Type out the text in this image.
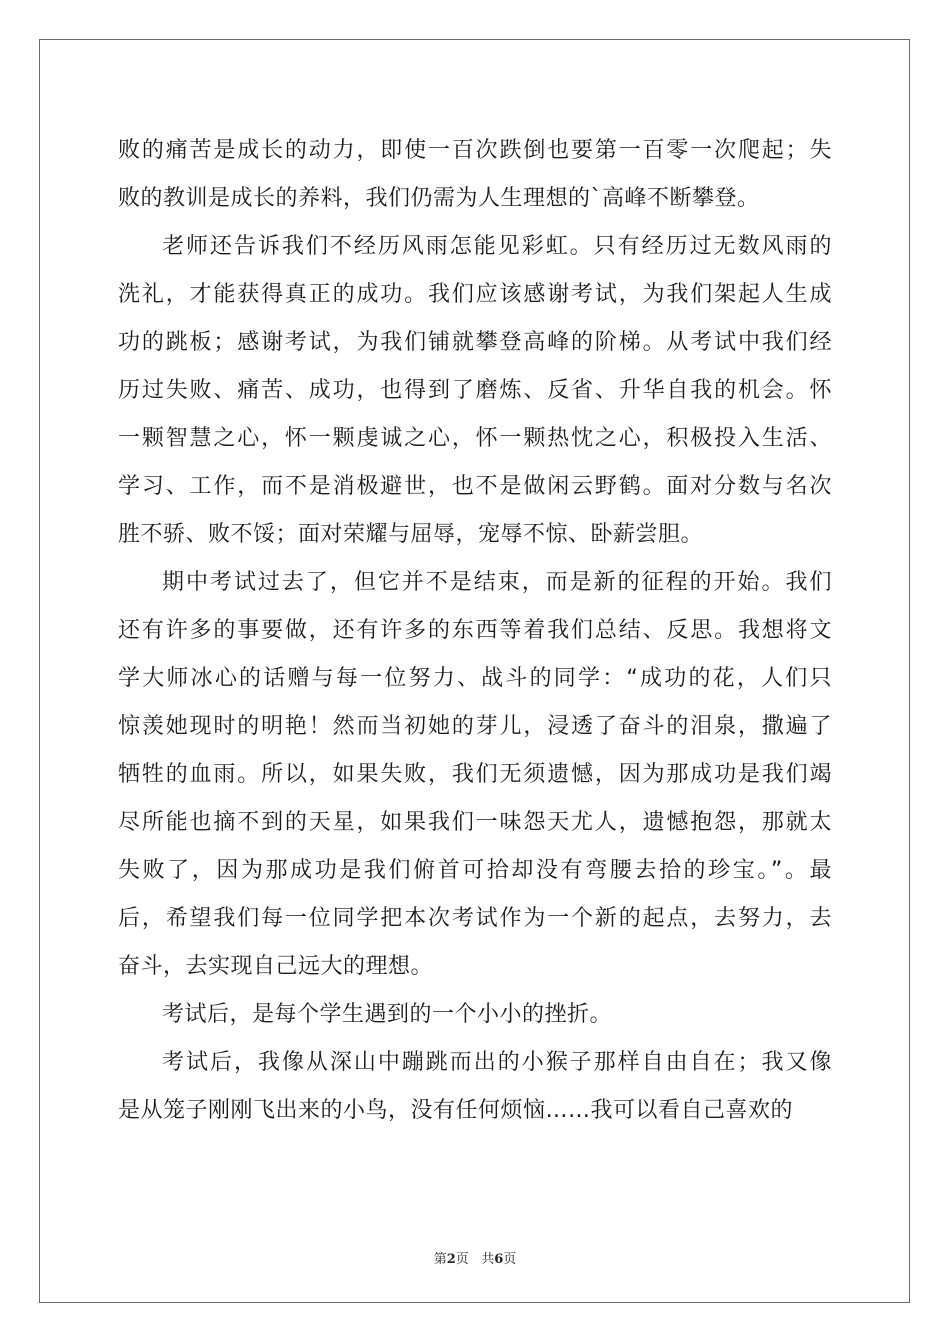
败的痛苦是成长的动力，即使一百次跌倒也要第一百零一次爬起；失
败的教训是成长的养料，我们仍需为人生理想的`高峰不断攀登。
老师还告诉我们不经历风雨怎能见彩虹。只有经历过无数风雨的
洗礼，才能获得真正的成功。我们应该感谢考试，为我们架起人生成
功的跳板；感谢考试，为我们铺就攀登高峰的阶梯。从考试中我们经
历过失败、痛苦、成功，也得到了磨炼、反省、升华自我的机会。怀
一颗智慧之心，怀一颗虔诚之心，怀一颗热忱之心，积极投入生活、
学习、工作，而不是消极避世，也不是做闲云野鹤。面对分数与名次
胜不骄、败不馁；面对荣耀与屈辱，宠辱不惊、卧薪尝胆。
期中考试过去了，但它并不是结束，而是新的征程的开始。我们
还有许多的事要做，还有许多的东西等着我们总结、反思。我想将文
学大师冰心的话赠与每一位努力、战斗的同学：“成功的花，人们只
惊羡她现时的明艳！然而当初她的芽儿，浸透了奋斗的泪泉，撒遍了
牺牲的血雨。所以，如果失败，我们无须遗憾，因为那成功是我们竭
尽所能也摘不到的天星，如果我们一味怨天尤人，遗憾抱怨，那就太
失败了，因为那成功是我们俯首可拾却没有弯腰去拾的珍宝。”。最
后，希望我们每一位同学把本次考试作为一个新的起点，去努力，去
奋斗，去实现自己远大的理想。
考试后，是每个学生遇到的一个小小的挫折。
考试后，我像从深山中蹦跳而出的小猴子那样自由自在；我又像
是从笼子刚刚飞出来的小鸟，没有任何烦恼……我可以看自己喜欢的
第2页 共6页
